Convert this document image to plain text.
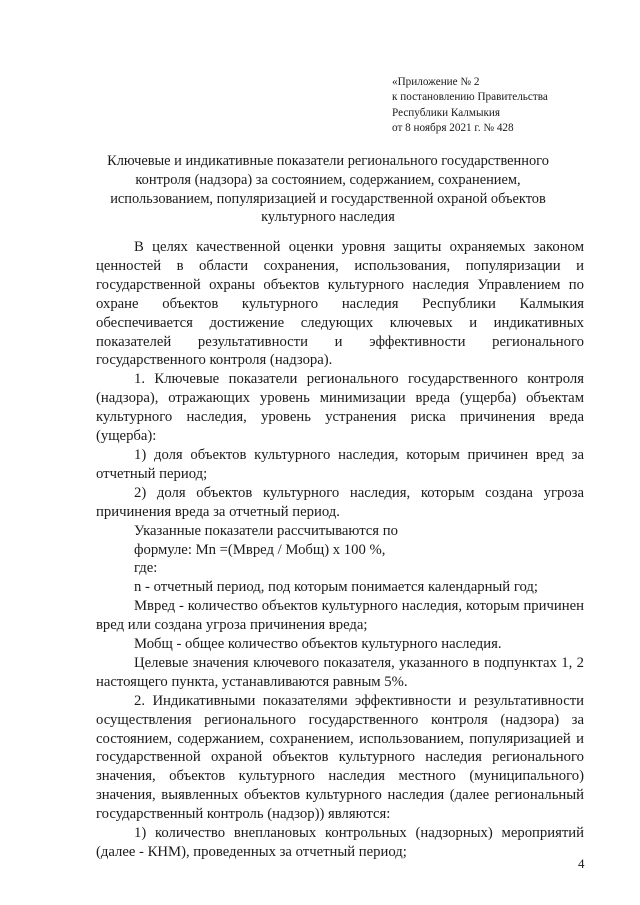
«Приложение № 2
к постановлению Правительства
Республики Калмыкия
от 8 ноября 2021 г. № 428
Ключевые и индикативные показатели регионального государственного
контроля (надзора) за состоянием, содержанием, сохранением,
использованием, популяризацией и государственной охраной объектов
культурного наследия

В целях качественной оценки уровня защиты охраняемых законом ценностей в области сохранения, использования, популяризации и государственной охраны объектов культурного наследия Управлением по охране объектов культурного наследия Республики Калмыкия обеспечивается достижение следующих ключевых и индикативных показателей результативности и эффективности регионального государственного контроля (надзора).

1. Ключевые показатели регионального государственного контроля (надзора), отражающих уровень минимизации вреда (ущерба) объектам культурного наследия, уровень устранения риска причинения вреда (ущерба):

1) доля объектов культурного наследия, которым причинен вред за отчетный период;

2) доля объектов культурного наследия, которым создана угроза причинения вреда за отчетный период.

Указанные показатели рассчитываются по

формуле: Мn =(Мвред / Мобщ) х 100 %,

где:

n - отчетный период, под которым понимается календарный год;

Мвред - количество объектов культурного наследия, которым причинен вред или создана угроза причинения вреда;

Мобщ - общее количество объектов культурного наследия.

Целевые значения ключевого показателя, указанного в подпунктах 1, 2 настоящего пункта, устанавливаются равным 5%.

2. Индикативными показателями эффективности и результативности осуществления регионального государственного контроля (надзора) за состоянием, содержанием, сохранением, использованием, популяризацией и государственной охраной объектов культурного наследия регионального значения, объектов культурного наследия местного (муниципального) значения, выявленных объектов культурного наследия (далее региональный государственный контроль (надзор)) являются:

1) количество внеплановых контрольных (надзорных) мероприятий (далее - КНМ), проведенных за отчетный период;

4
